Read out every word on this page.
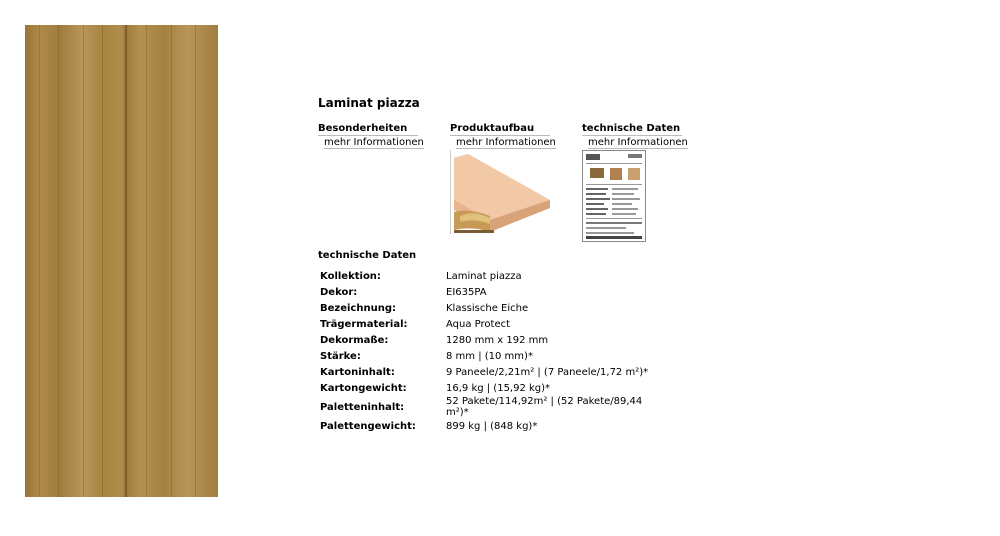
Laminat piazza
Besonderheiten
mehr Informationen
Produktaufbau
mehr Informationen
technische Daten
mehr Informationen
technische Daten
Kollektion:	Laminat piazza
Dekor:	EI635PA
Bezeichnung:	Klassische Eiche
Trägermaterial:	Aqua Protect
Dekormaße:	1280 mm x 192 mm
Stärke:	8 mm | (10 mm)*
Kartoninhalt:	9 Paneele/2,21m² | (7 Paneele/1,72 m²)*
Kartongewicht:	16,9 kg | (15,92 kg)*
Paletteninhalt:	52 Pakete/114,92m² | (52 Pakete/89,44 m²)*
Palettengewicht:	899 kg | (848 kg)*
